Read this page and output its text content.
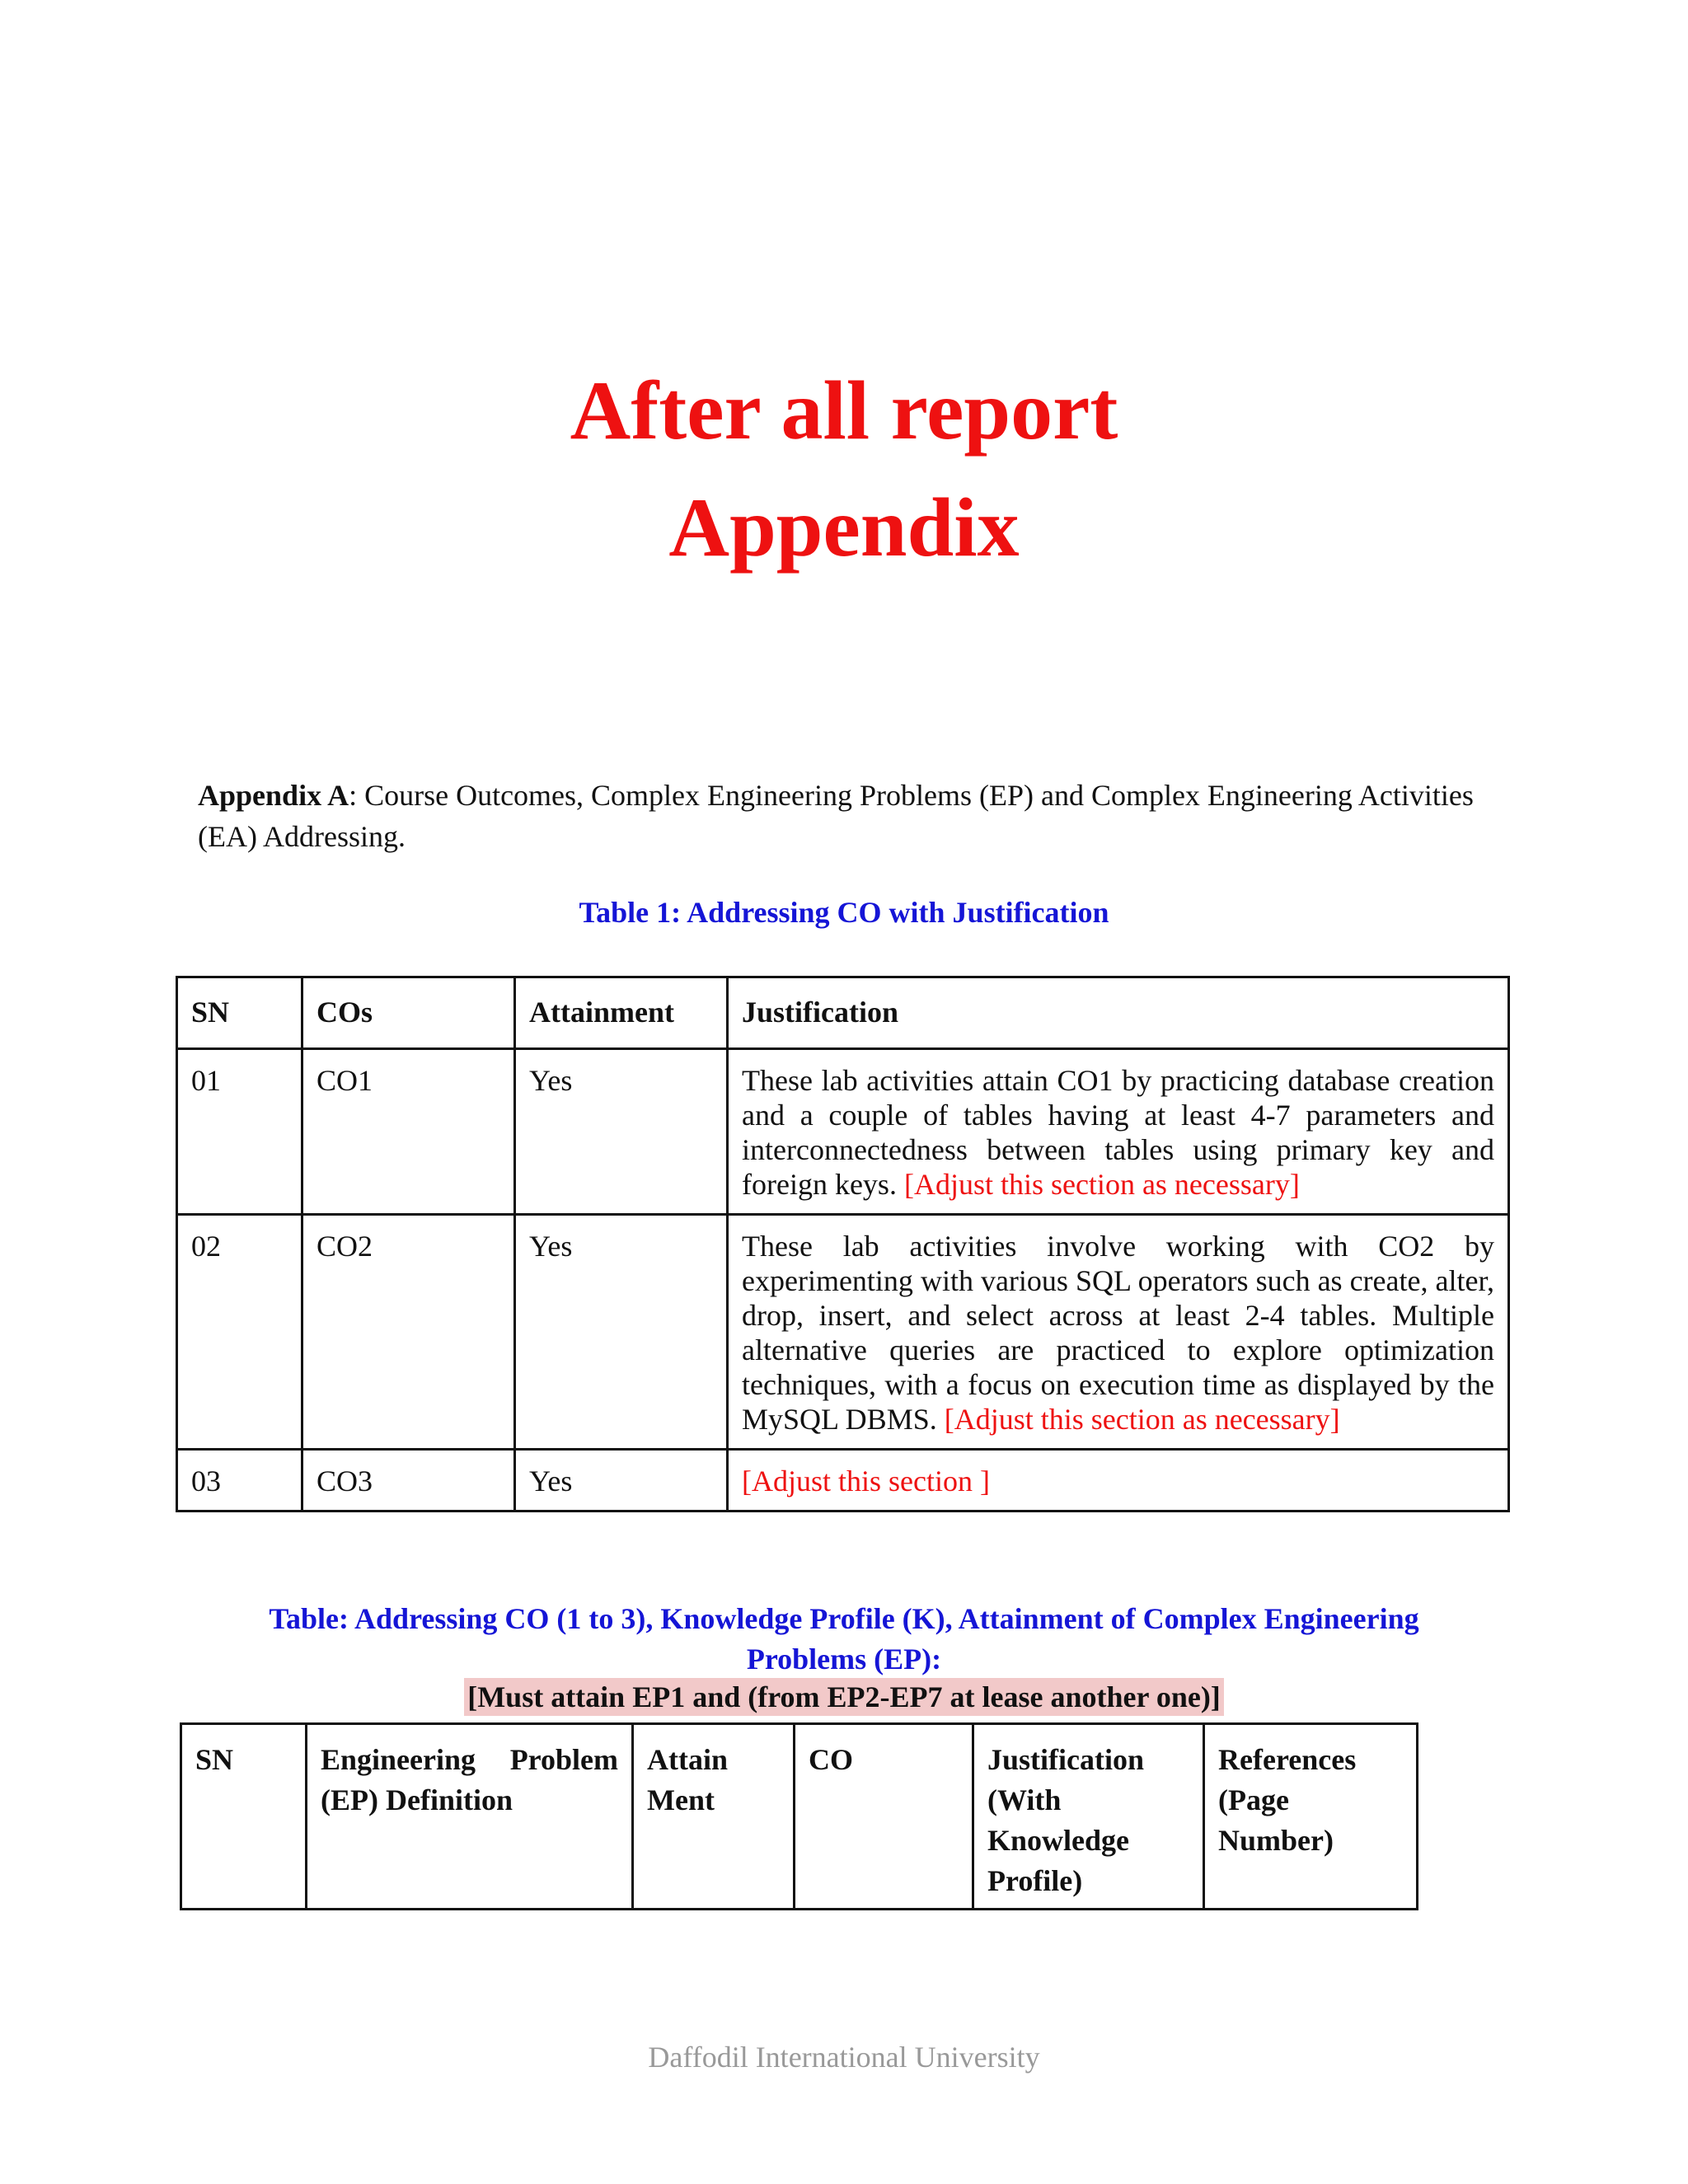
After all report
Appendix
Appendix A: Course Outcomes, Complex Engineering Problems (EP) and Complex Engineering Activities (EA) Addressing.
Table 1: Addressing CO with Justification
SN	COs	Attainment	Justification
01	CO1	Yes	These lab activities attain CO1 by practicing database creation and a couple of tables having at least 4-7 parameters and interconnectedness between tables using primary key and foreign keys. [Adjust this section as necessary]
02	CO2	Yes	These lab activities involve working with CO2 by experimenting with various SQL operators such as create, alter, drop, insert, and select across at least 2-4 tables. Multiple alternative queries are practiced to explore optimization techniques, with a focus on execution time as displayed by the MySQL DBMS. [Adjust this section as necessary]
03	CO3	Yes	[Adjust this section ]
Table: Addressing CO (1 to 3), Knowledge Profile (K), Attainment of Complex Engineering
Problems (EP):
[Must attain EP1 and (from EP2-EP7 at lease another one)]
SN	Engineering Problem (EP) Definition	Attain Ment	CO	Justification (With Knowledge Profile)	References (Page Number)
Daffodil International University
